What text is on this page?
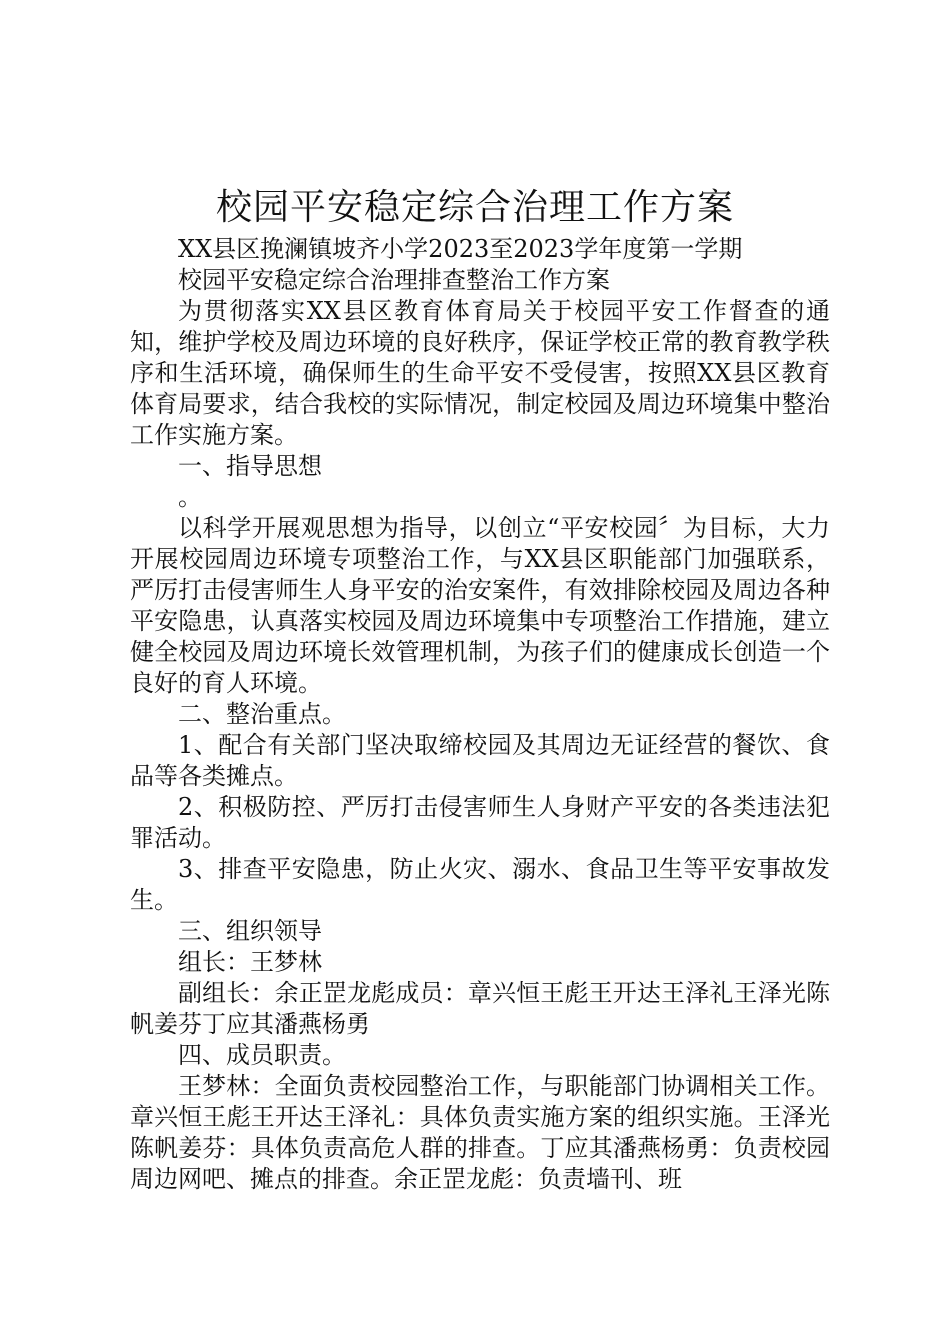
校园平安稳定综合治理工作方案

XX县区挽澜镇坡齐小学2023至2023学年度第一学期

校园平安稳定综合治理排查整治工作方案

为贯彻落实XX县区教育体育局关于校园平安工作督查的通知，维护学校及周边环境的良好秩序，保证学校正常的教育教学秩序和生活环境，确保师生的生命平安不受侵害，按照XX县区教育体育局要求，结合我校的实际情况，制定校园及周边环境集中整治工作实施方案。

一、指导思想

。

以科学开展观思想为指导，以创立“平安校园〞为目标，大力开展校园周边环境专项整治工作，与XX县区职能部门加强联系，严厉打击侵害师生人身平安的治安案件，有效排除校园及周边各种平安隐患，认真落实校园及周边环境集中专项整治工作措施，建立健全校园及周边环境长效管理机制，为孩子们的健康成长创造一个良好的育人环境。

二、整治重点。

1、配合有关部门坚决取缔校园及其周边无证经营的餐饮、食品等各类摊点。

2、积极防控、严厉打击侵害师生人身财产平安的各类违法犯罪活动。

3、排查平安隐患，防止火灾、溺水、食品卫生等平安事故发生。

三、组织领导

组长：王梦林

副组长：余正罡龙彪成员：章兴恒王彪王开达王泽礼王泽光陈帆姜芬丁应其潘燕杨勇

四、成员职责。

王梦林：全面负责校园整治工作，与职能部门协调相关工作。章兴恒王彪王开达王泽礼：具体负责实施方案的组织实施。王泽光陈帆姜芬：具体负责高危人群的排查。丁应其潘燕杨勇：负责校园周边网吧、摊点的排查。余正罡龙彪：负责墙刊、班
